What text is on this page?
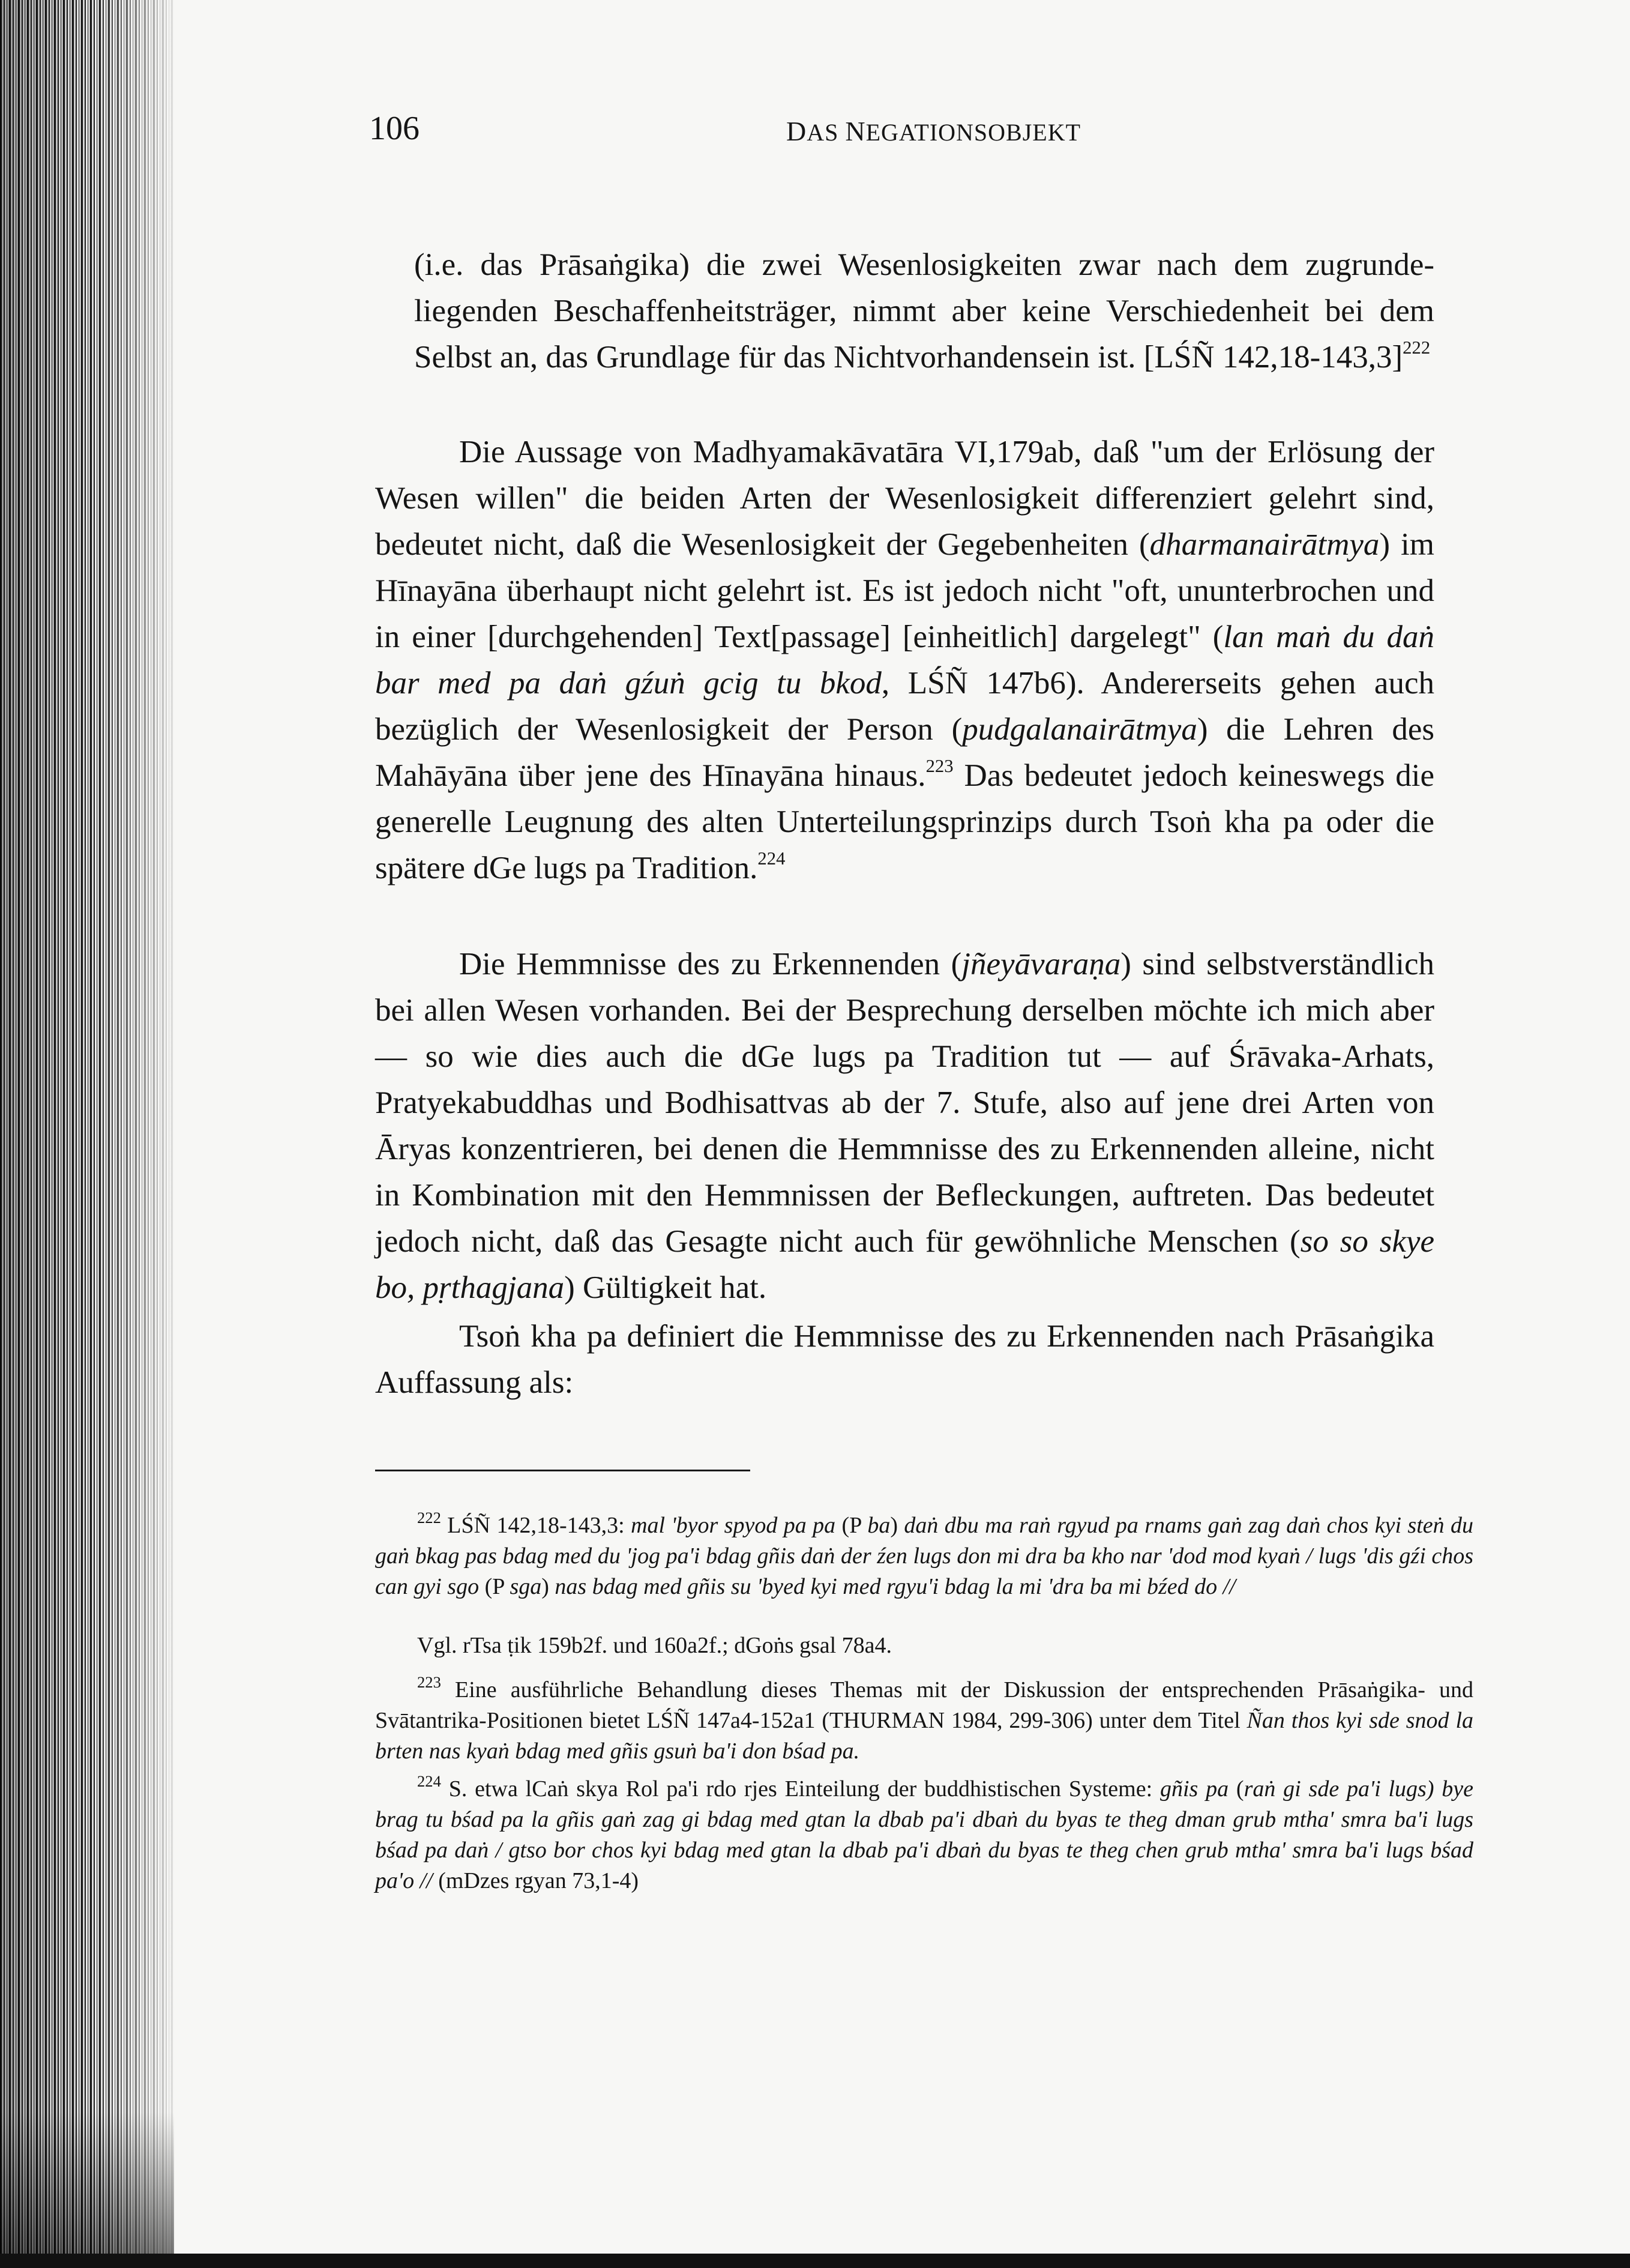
106	DAS NEGATIONSOBJEKT

(i.e. das Prāsaṅgika) die zwei Wesenlosigkeiten zwar nach dem zugrundeliegenden Beschaffenheitsträger, nimmt aber keine Verschiedenheit bei dem Selbst an, das Grundlage für das Nichtvorhandensein ist. [LŚÑ 142,18-143,3]$^{222}$

Die Aussage von Madhyamakāvatāra VI,179ab, daß "um der Erlösung der Wesen willen" die beiden Arten der Wesenlosigkeit differenziert gelehrt sind, bedeutet nicht, daß die Wesenlosigkeit der Gegebenheiten (dharmanairātmya) im Hīnayāna überhaupt nicht gelehrt ist. Es ist jedoch nicht "oft, ununterbrochen und in einer [durchgehenden] Text[passage] [einheitlich] dargelegt" (lan maṅ du daṅ bar med pa daṅ gźuṅ gcig tu bkod, LŚÑ 147b6). Andererseits gehen auch bezüglich der Wesenlosigkeit der Person (pudgalanairātmya) die Lehren des Mahāyāna über jene des Hīnayāna hinaus.$^{223}$ Das bedeutet jedoch keineswegs die generelle Leugnung des alten Unterteilungsprinzips durch Tsoṅ kha pa oder die spätere dGe lugs pa Tradition.$^{224}$

Die Hemmnisse des zu Erkennenden (jñeyāvaraṇa) sind selbstverständlich bei allen Wesen vorhanden. Bei der Besprechung derselben möchte ich mich aber — so wie dies auch die dGe lugs pa Tradition tut — auf Śrāvaka-Arhats, Pratyekabuddhas und Bodhisattvas ab der 7. Stufe, also auf jene drei Arten von Āryas konzentrieren, bei denen die Hemmnisse des zu Erkennenden alleine, nicht in Kombination mit den Hemmnissen der Befleckungen, auftreten. Das bedeutet jedoch nicht, daß das Gesagte nicht auch für gewöhnliche Menschen (so so skye bo, pṛthagjana) Gültigkeit hat.

Tsoṅ kha pa definiert die Hemmnisse des zu Erkennenden nach Prāsaṅgika Auffassung als:

$^{222}$ LŚÑ 142,18-143,3: mal 'byor spyod pa pa (P ba) daṅ dbu ma raṅ rgyud pa rnams gaṅ zag daṅ chos kyi steṅ du gaṅ bkag pas bdag med du 'jog pa'i bdag gñis daṅ der źen lugs don mi dra ba kho nar 'dod mod kyaṅ / lugs 'dis gźi chos can gyi sgo (P sga) nas bdag med gñis su 'byed kyi med rgyu'i bdag la mi 'dra ba mi bźed do //

Vgl. rTsa ṭik 159b2f. und 160a2f.; dGoṅs gsal 78a4.

$^{223}$ Eine ausführliche Behandlung dieses Themas mit der Diskussion der entsprechenden Prāsaṅgika- und Svātantrika-Positionen bietet LŚÑ 147a4-152a1 (THURMAN 1984, 299-306) unter dem Titel Ñan thos kyi sde snod la brten nas kyaṅ bdag med gñis gsuṅ ba'i don bśad pa.

$^{224}$ S. etwa lCaṅ skya Rol pa'i rdo rjes Einteilung der buddhistischen Systeme: gñis pa (raṅ gi sde pa'i lugs) bye brag tu bśad pa la gñis gaṅ zag gi bdag med gtan la dbab pa'i dbaṅ du byas te theg dman grub mtha' smra ba'i lugs bśad pa daṅ / gtso bor chos kyi bdag med gtan la dbab pa'i dbaṅ du byas te theg chen grub mtha' smra ba'i lugs bśad pa'o // (mDzes rgyan 73,1-4)
